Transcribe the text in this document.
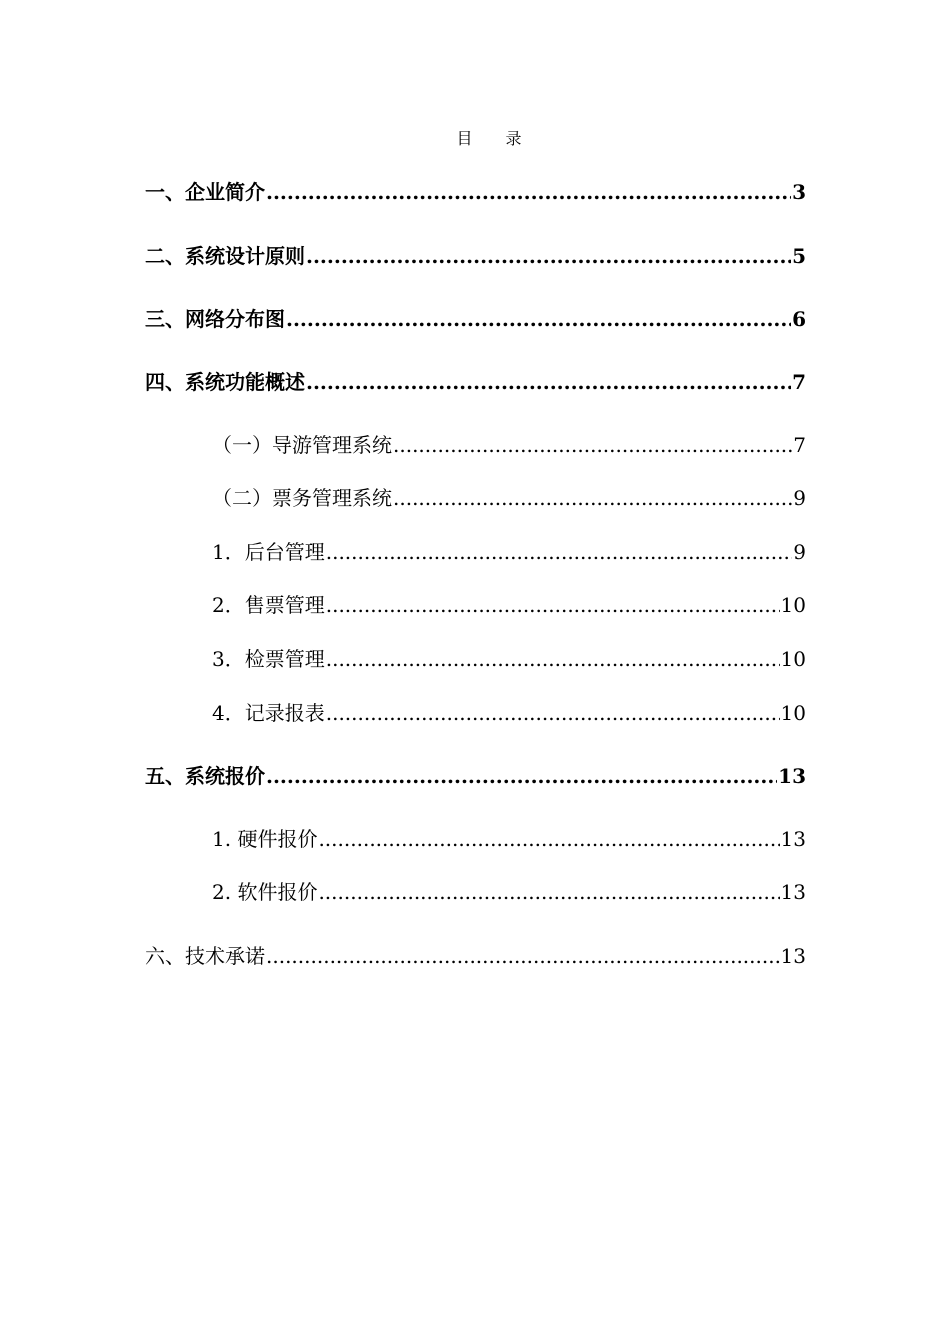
目 录
一、企业简介 .....	3
二、系统设计原则 .....	5
三、网络分布图 .....	6
四、系统功能概述 .....	7
（一）导游管理系统 .....	7
（二）票务管理系统 .....	9
1．后台管理 .....	9
2．售票管理 .....	10
3．检票管理 .....	10
4．记录报表 .....	10
五、系统报价 .....	13
1. 硬件报价 .....	13
2. 软件报价 .....	13
六、技术承诺 .....	13
